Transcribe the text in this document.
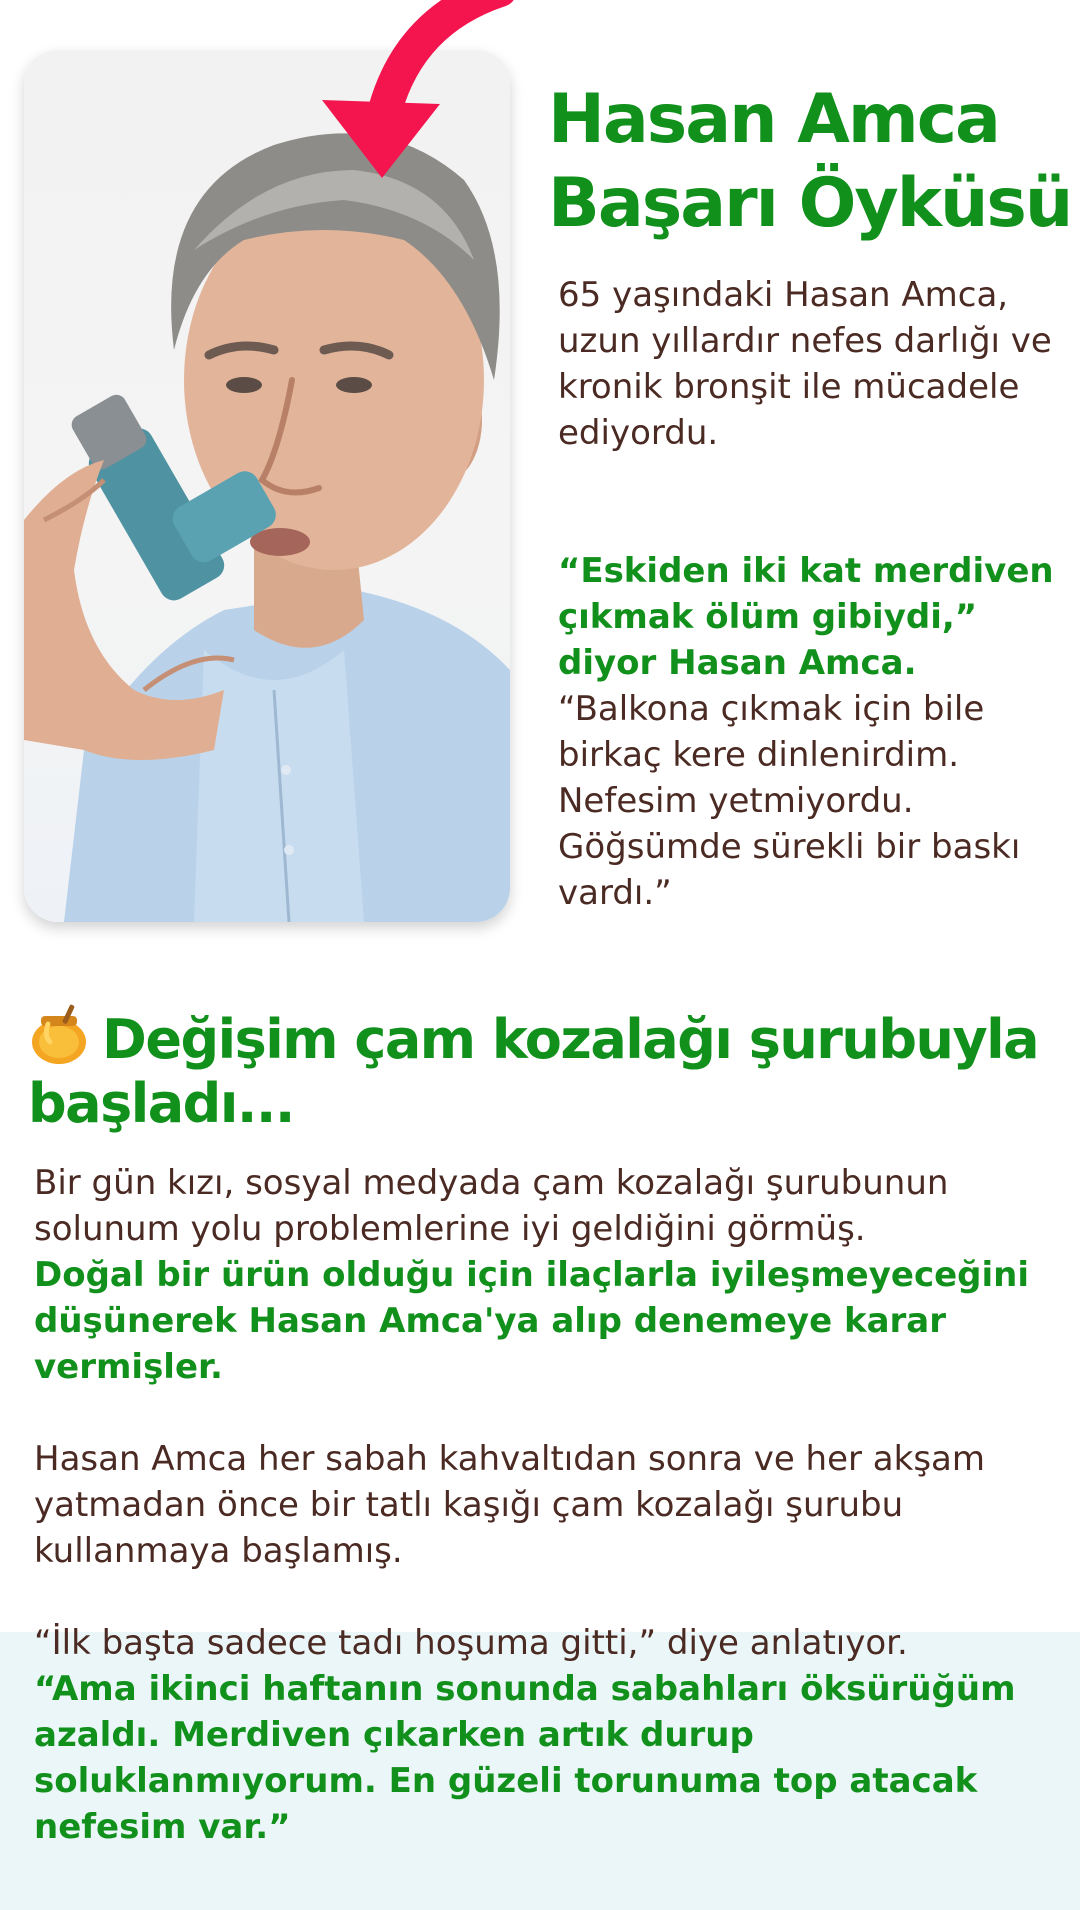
Hasan Amca
Başarı Öyküsü

65 yaşındaki Hasan Amca, uzun yıllardır nefes darlığı ve kronik bronşit ile mücadele ediyordu.

“Eskiden iki kat merdiven çıkmak ölüm gibiydi,” diyor Hasan Amca. “Balkona çıkmak için bile birkaç kere dinlenirdim. Nefesim yetmiyordu. Göğsümde sürekli bir baskı vardı.”

Değişim çam kozalağı şurubuyla başladı...

Bir gün kızı, sosyal medyada çam kozalağı şurubunun solunum yolu problemlerine iyi geldiğini görmüş.
Doğal bir ürün olduğu için ilaçlarla iyileşmeyeceğini düşünerek Hasan Amca'ya alıp denemeye karar vermişler.

Hasan Amca her sabah kahvaltıdan sonra ve her akşam yatmadan önce bir tatlı kaşığı çam kozalağı şurubu kullanmaya başlamış.

“İlk başta sadece tadı hoşuma gitti,” diye anlatıyor.
“Ama ikinci haftanın sonunda sabahları öksürüğüm azaldı. Merdiven çıkarken artık durup soluklanmıyorum. En güzeli torunuma top atacak nefesim var.”
